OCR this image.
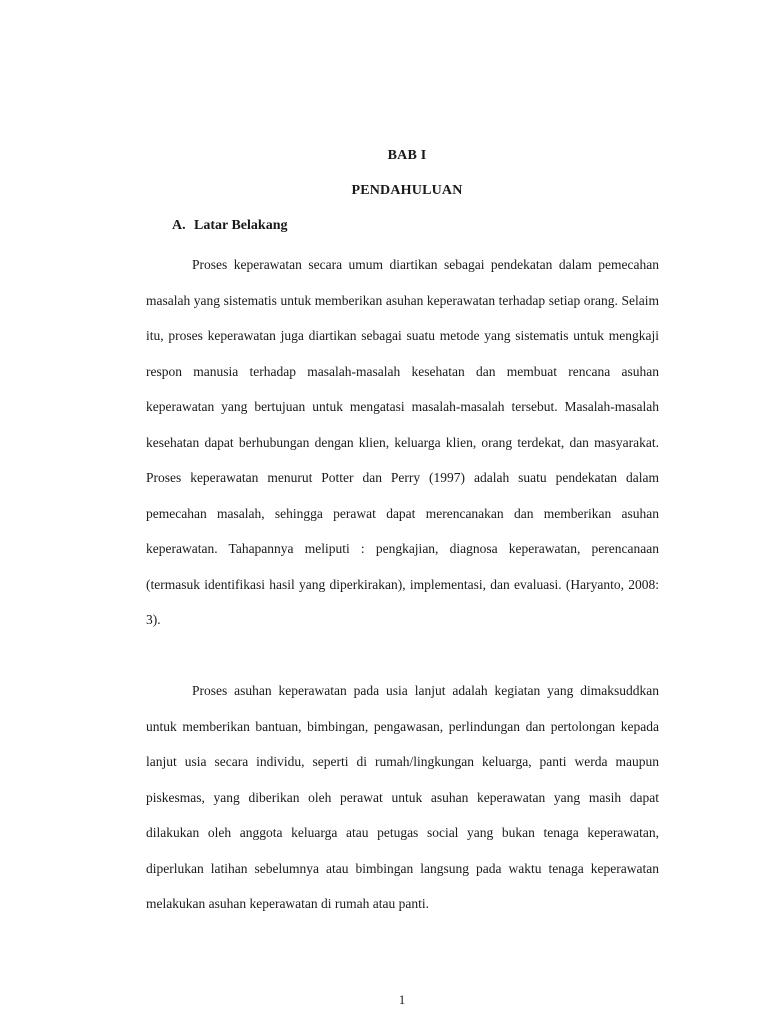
BAB I
PENDAHULUAN
A. Latar Belakang

Proses keperawatan secara umum diartikan sebagai pendekatan dalam pemecahan masalah yang sistematis untuk memberikan asuhan keperawatan terhadap setiap orang. Selaim itu, proses keperawatan juga diartikan sebagai suatu metode yang sistematis untuk mengkaji respon manusia terhadap masalah-masalah kesehatan dan membuat rencana asuhan keperawatan yang bertujuan untuk mengatasi masalah-masalah tersebut. Masalah-masalah kesehatan dapat berhubungan dengan klien, keluarga klien, orang terdekat, dan masyarakat. Proses keperawatan menurut Potter dan Perry (1997) adalah suatu pendekatan dalam pemecahan masalah, sehingga perawat dapat merencanakan dan memberikan asuhan keperawatan. Tahapannya meliputi : pengkajian, diagnosa keperawatan, perencanaan (termasuk identifikasi hasil yang diperkirakan), implementasi, dan evaluasi. (Haryanto, 2008: 3).

Proses asuhan keperawatan pada usia lanjut adalah kegiatan yang dimaksuddkan untuk memberikan bantuan, bimbingan, pengawasan, perlindungan dan pertolongan kepada lanjut usia secara individu, seperti di rumah/lingkungan keluarga, panti werda maupun piskesmas, yang diberikan oleh perawat untuk asuhan keperawatan yang masih dapat dilakukan oleh anggota keluarga atau petugas social yang bukan tenaga keperawatan, diperlukan latihan sebelumnya atau bimbingan langsung pada waktu tenaga keperawatan melakukan asuhan keperawatan di rumah atau panti.

1
